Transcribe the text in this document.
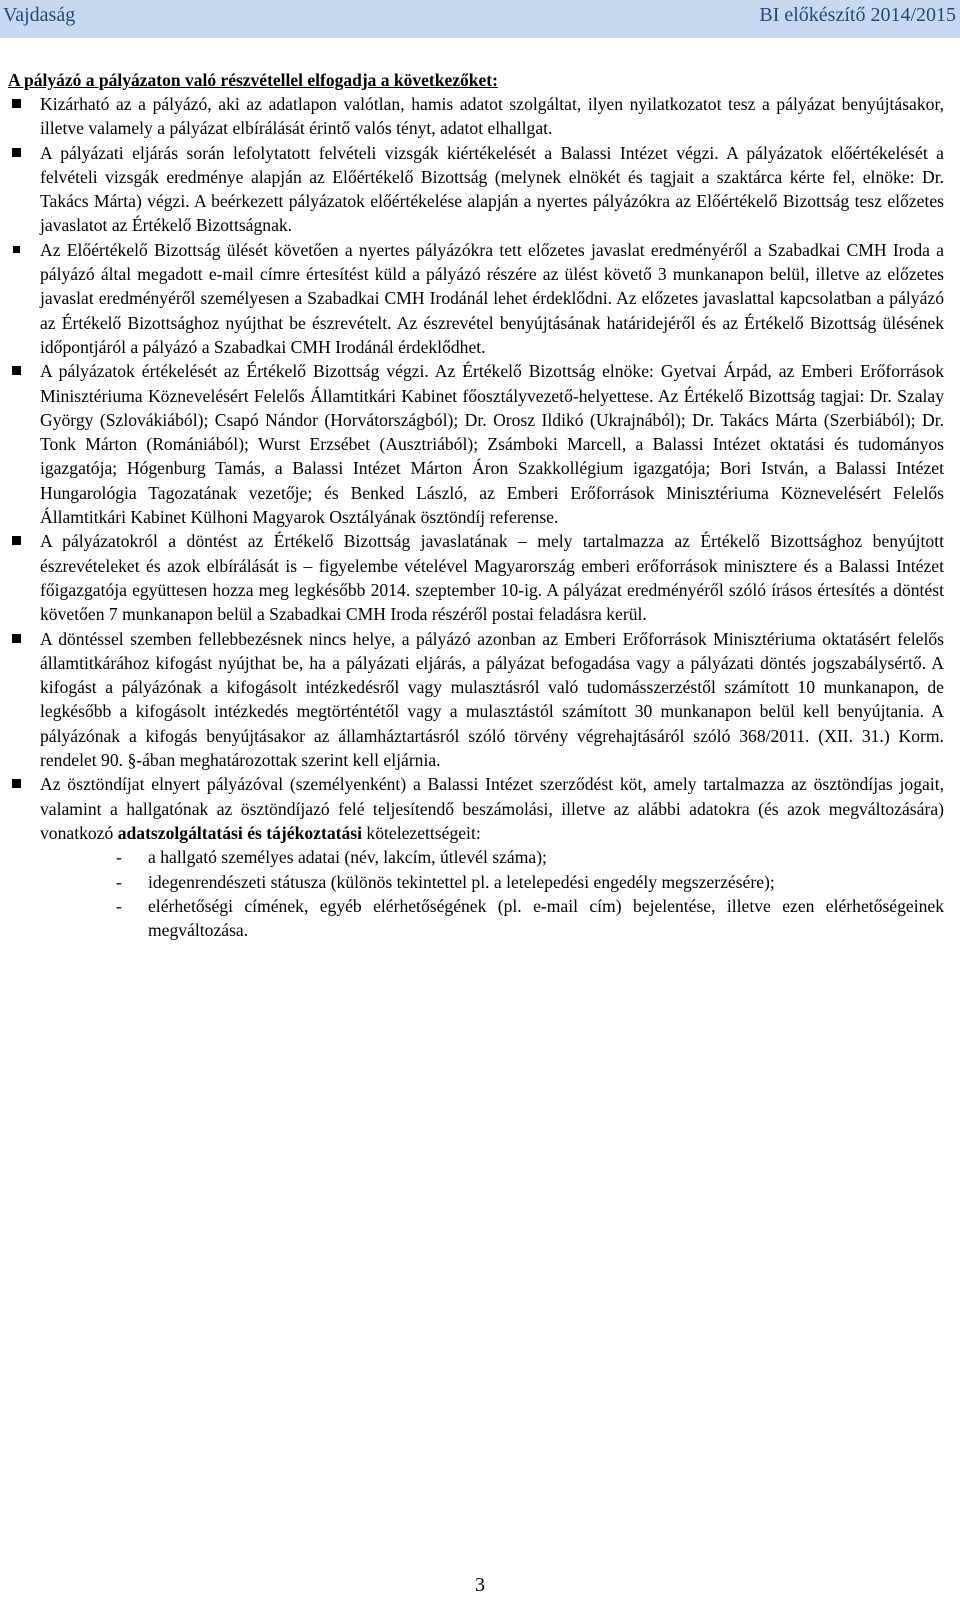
Vajdaság	BI előkészítő 2014/2015

A pályázó a pályázaton való részvétellel elfogadja a következőket:

Kizárható az a pályázó, aki az adatlapon valótlan, hamis adatot szolgáltat, ilyen nyilatkozatot tesz a pályázat benyújtásakor, illetve valamely a pályázat elbírálását érintő valós tényt, adatot elhallgat.
A pályázati eljárás során lefolytatott felvételi vizsgák kiértékelését a Balassi Intézet végzi. A pályázatok előértékelését a felvételi vizsgák eredménye alapján az Előértékelő Bizottság (melynek elnökét és tagjait a szaktárca kérte fel, elnöke: Dr. Takács Márta) végzi. A beérkezett pályázatok előértékelése alapján a nyertes pályázókra az Előértékelő Bizottság tesz előzetes javaslatot az Értékelő Bizottságnak.
Az Előértékelő Bizottság ülését követően a nyertes pályázókra tett előzetes javaslat eredményéről a Szabadkai CMH Iroda a pályázó által megadott e-mail címre értesítést küld a pályázó részére az ülést követő 3 munkanapon belül, illetve az előzetes javaslat eredményéről személyesen a Szabadkai CMH Irodánál lehet érdeklődni. Az előzetes javaslattal kapcsolatban a pályázó az Értékelő Bizottsághoz nyújthat be észrevételt. Az észrevétel benyújtásának határidejéről és az Értékelő Bizottság ülésének időpontjáról a pályázó a Szabadkai CMH Irodánál érdeklődhet.
A pályázatok értékelését az Értékelő Bizottság végzi. Az Értékelő Bizottság elnöke: Gyetvai Árpád, az Emberi Erőforrások Minisztériuma Köznevelésért Felelős Államtitkári Kabinet főosztályvezető-helyettese. Az Értékelő Bizottság tagjai: Dr. Szalay György (Szlovákiából); Csapó Nándor (Horvátországból); Dr. Orosz Ildikó (Ukrajnából); Dr. Takács Márta (Szerbiából); Dr. Tonk Márton (Romániából); Wurst Erzsébet (Ausztriából); Zsámboki Marcell, a Balassi Intézet oktatási és tudományos igazgatója; Hógenburg Tamás, a Balassi Intézet Márton Áron Szakkollégium igazgatója; Bori István, a Balassi Intézet Hungarológia Tagozatának vezetője; és Benked László, az Emberi Erőforrások Minisztériuma Köznevelésért Felelős Államtitkári Kabinet Külhoni Magyarok Osztályának ösztöndíj referense.
A pályázatokról a döntést az Értékelő Bizottság javaslatának – mely tartalmazza az Értékelő Bizottsághoz benyújtott észrevételeket és azok elbírálását is – figyelembe vételével Magyarország emberi erőforrások minisztere és a Balassi Intézet főigazgatója együttesen hozza meg legkésőbb 2014. szeptember 10-ig. A pályázat eredményéről szóló írásos értesítés a döntést követően 7 munkanapon belül a Szabadkai CMH Iroda részéről postai feladásra kerül.
A döntéssel szemben fellebbezésnek nincs helye, a pályázó azonban az Emberi Erőforrások Minisztériuma oktatásért felelős államtitkárához kifogást nyújthat be, ha a pályázati eljárás, a pályázat befogadása vagy a pályázati döntés jogszabálysértő. A kifogást a pályázónak a kifogásolt intézkedésről vagy mulasztásról való tudomásszerzéstől számított 10 munkanapon, de legkésőbb a kifogásolt intézkedés megtörténtétől vagy a mulasztástól számított 30 munkanapon belül kell benyújtania. A pályázónak a kifogás benyújtásakor az államháztartásról szóló törvény végrehajtásáról szóló 368/2011. (XII. 31.) Korm. rendelet 90. §-ában meghatározottak szerint kell eljárnia.
Az ösztöndíjat elnyert pályázóval (személyenként) a Balassi Intézet szerződést köt, amely tartalmazza az ösztöndíjas jogait, valamint a hallgatónak az ösztöndíjazó felé teljesítendő beszámolási, illetve az alábbi adatokra (és azok megváltozására) vonatkozó adatszolgáltatási és tájékoztatási kötelezettségeit:
- a hallgató személyes adatai (név, lakcím, útlevél száma);
- idegenrendészeti státusza (különös tekintettel pl. a letelepedési engedély megszerzésére);
- elérhetőségi címének, egyéb elérhetőségének (pl. e-mail cím) bejelentése, illetve ezen elérhetőségeinek megváltozása.
3
